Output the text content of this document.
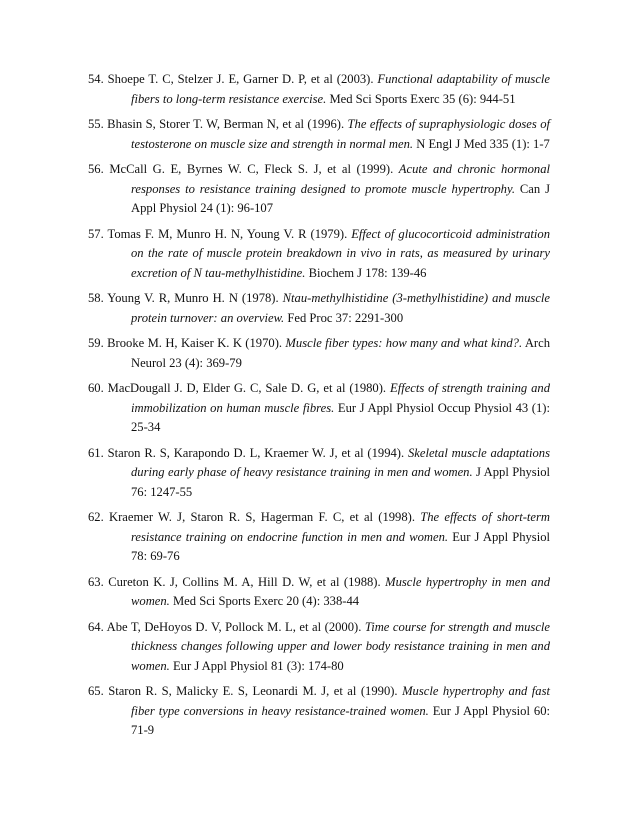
54. Shoepe T. C, Stelzer J. E, Garner D. P, et al (2003). Functional adaptability of muscle fibers to long-term resistance exercise. Med Sci Sports Exerc 35 (6): 944-51

55. Bhasin S, Storer T. W, Berman N, et al (1996). The effects of supraphysiologic doses of testosterone on muscle size and strength in normal men. N Engl J Med 335 (1): 1-7

56. McCall G. E, Byrnes W. C, Fleck S. J, et al (1999). Acute and chronic hormonal responses to resistance training designed to promote muscle hypertrophy. Can J Appl Physiol 24 (1): 96-107

57. Tomas F. M, Munro H. N, Young V. R (1979). Effect of glucocorticoid administration on the rate of muscle protein breakdown in vivo in rats, as measured by urinary excretion of N tau-methylhistidine. Biochem J 178: 139-46

58. Young V. R, Munro H. N (1978). Ntau-methylhistidine (3-methylhistidine) and muscle protein turnover: an overview. Fed Proc 37: 2291-300

59. Brooke M. H, Kaiser K. K (1970). Muscle fiber types: how many and what kind?. Arch Neurol 23 (4): 369-79

60. MacDougall J. D, Elder G. C, Sale D. G, et al (1980). Effects of strength training and immobilization on human muscle fibres. Eur J Appl Physiol Occup Physiol 43 (1): 25-34

61. Staron R. S, Karapondo D. L, Kraemer W. J, et al (1994). Skeletal muscle adaptations during early phase of heavy resistance training in men and women. J Appl Physiol 76: 1247-55

62. Kraemer W. J, Staron R. S, Hagerman F. C, et al (1998). The effects of short-term resistance training on endocrine function in men and women. Eur J Appl Physiol 78: 69-76

63. Cureton K. J, Collins M. A, Hill D. W, et al (1988). Muscle hypertrophy in men and women. Med Sci Sports Exerc 20 (4): 338-44

64. Abe T, DeHoyos D. V, Pollock M. L, et al (2000). Time course for strength and muscle thickness changes following upper and lower body resistance training in men and women. Eur J Appl Physiol 81 (3): 174-80

65. Staron R. S, Malicky E. S, Leonardi M. J, et al (1990). Muscle hypertrophy and fast fiber type conversions in heavy resistance-trained women. Eur J Appl Physiol 60: 71-9
